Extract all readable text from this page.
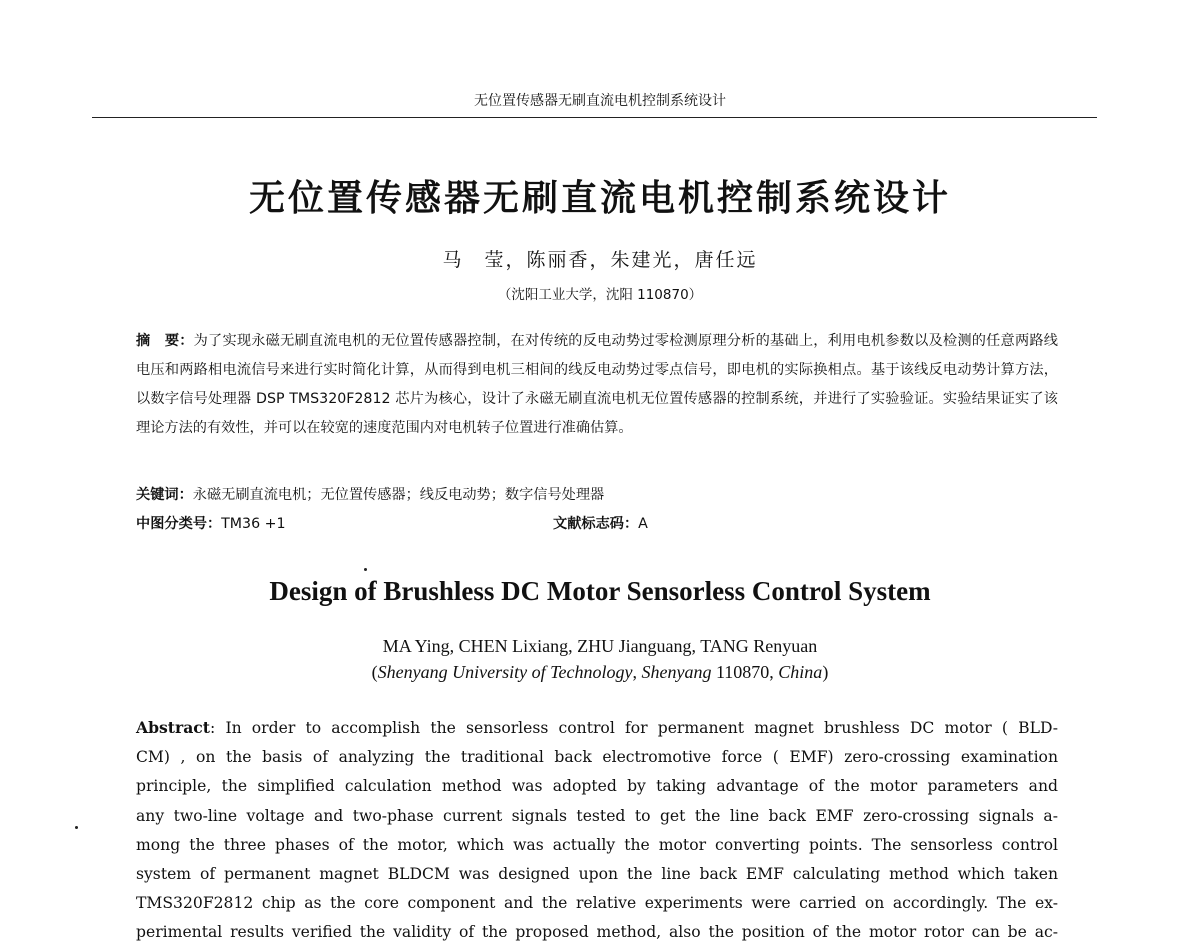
无位置传感器无刷直流电机控制系统设计
无位置传感器无刷直流电机控制系统设计
马　莹，陈丽香，朱建光，唐任远
（沈阳工业大学，沈阳 110870）
摘　要：为了实现永磁无刷直流电机的无位置传感器控制，在对传统的反电动势过零检测原理分析的基础上，利用电机参数以及检测的任意两路线电压和两路相电流信号来进行实时简化计算，从而得到电机三相间的线反电动势过零点信号，即电机的实际换相点。基于该线反电动势计算方法，以数字信号处理器 DSP TMS320F2812 芯片为核心，设计了永磁无刷直流电机无位置传感器的控制系统，并进行了实验验证。实验结果证实了该理论方法的有效性，并可以在较宽的速度范围内对电机转子位置进行准确估算。
关键词：永磁无刷直流电机；无位置传感器；线反电动势；数字信号处理器
中图分类号：TM36 +1	文献标志码：A
Design of Brushless DC Motor Sensorless Control System
MA Ying, CHEN Lixiang, ZHU Jianguang, TANG Renyuan
(Shenyang University of Technology, Shenyang 110870, China)
Abstract: In order to accomplish the sensorless control for permanent magnet brushless DC motor ( BLD-
CM) , on the basis of analyzing the traditional back electromotive force ( EMF) zero-crossing examination
principle, the simplified calculation method was adopted by taking advantage of the motor parameters and
any two-line voltage and two-phase current signals tested to get the line back EMF zero-crossing signals a-
mong the three phases of the motor, which was actually the motor converting points. The sensorless control
system of permanent magnet BLDCM was designed upon the line back EMF calculating method which taken
TMS320F2812 chip as the core component and the relative experiments were carried on accordingly. The ex-
perimental results verified the validity of the proposed method, also the position of the motor rotor can be ac-
